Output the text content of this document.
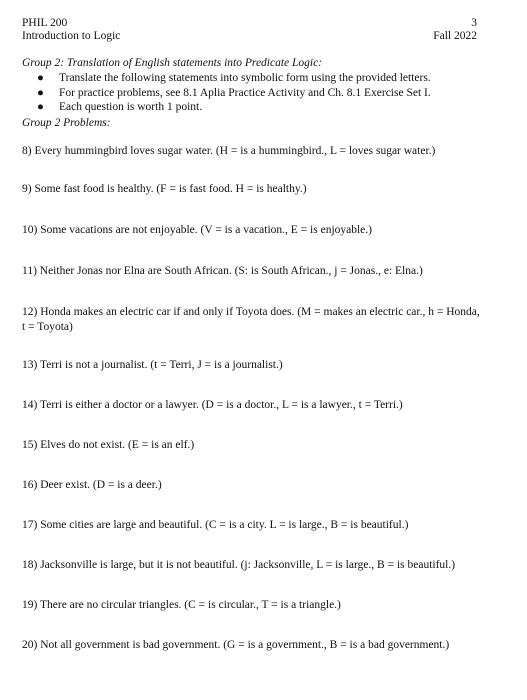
PHIL 200
Introduction to Logic
3
Fall 2022
Group 2: Translation of English statements into Predicate Logic:
● Translate the following statements into symbolic form using the provided letters.
● For practice problems, see 8.1 Aplia Practice Activity and Ch. 8.1 Exercise Set I.
● Each question is worth 1 point.
Group 2 Problems:
8) Every hummingbird loves sugar water. (H = is a hummingbird., L = loves sugar water.)
9) Some fast food is healthy. (F = is fast food. H = is healthy.)
10) Some vacations are not enjoyable. (V = is a vacation., E = is enjoyable.)
11) Neither Jonas nor Elna are South African. (S: is South African., j = Jonas., e: Elna.)
12) Honda makes an electric car if and only if Toyota does. (M = makes an electric car., h = Honda, t = Toyota)
13) Terri is not a journalist. (t = Terri, J = is a journalist.)
14) Terri is either a doctor or a lawyer. (D = is a doctor., L = is a lawyer., t = Terri.)
15) Elves do not exist. (E = is an elf.)
16) Deer exist. (D = is a deer.)
17) Some cities are large and beautiful. (C = is a city. L = is large., B = is beautiful.)
18) Jacksonville is large, but it is not beautiful. (j: Jacksonville, L = is large., B = is beautiful.)
19) There are no circular triangles. (C = is circular., T = is a triangle.)
20) Not all government is bad government. (G = is a government., B = is a bad government.)
